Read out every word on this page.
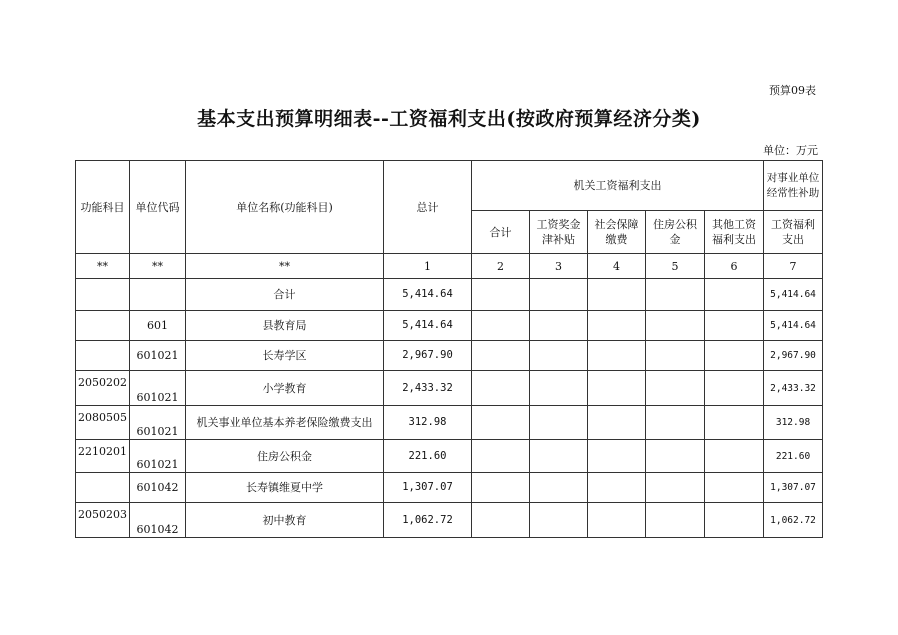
预算09表
基本支出预算明细表--工资福利支出(按政府预算经济分类)
单位：万元
功能科目	单位代码	单位名称(功能科目)	总计	机关工资福利支出					对事业单位经常性补助
				合计	工资奖金津补贴	社会保障缴费	住房公积金	其他工资福利支出	工资福利支出
**	**	**	1	2	3	4	5	6	7
		合计	5,414.64						5,414.64
	601	县教育局	5,414.64						5,414.64
	601021	长寿学区	2,967.90						2,967.90
2050202	601021	小学教育	2,433.32						2,433.32
2080505	601021	机关事业单位基本养老保险缴费支出	312.98						312.98
2210201	601021	住房公积金	221.60						221.60
	601042	长寿镇维夏中学	1,307.07						1,307.07
2050203	601042	初中教育	1,062.72						1,062.72
